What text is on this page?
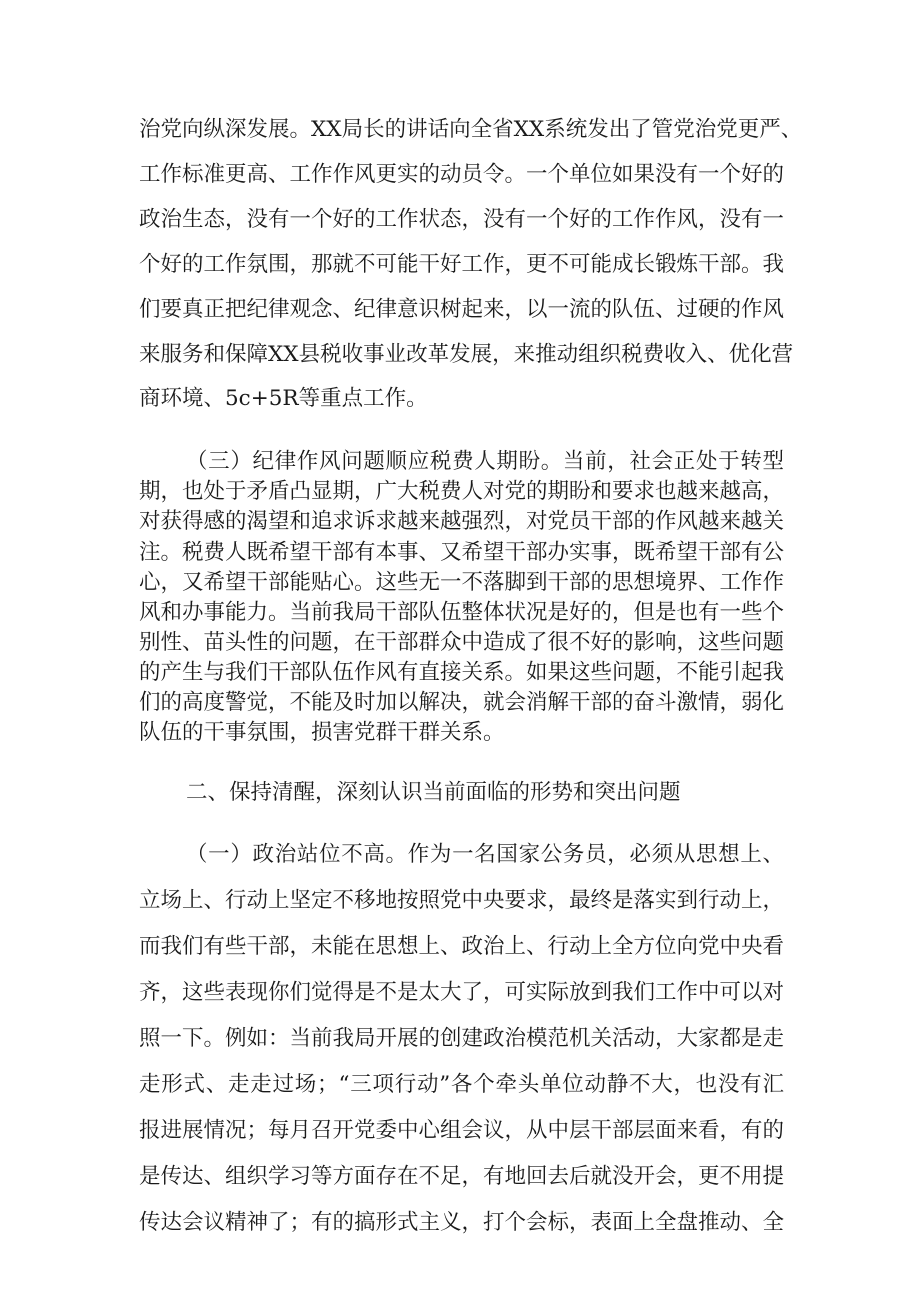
治党向纵深发展。XX局长的讲话向全省XX系统发出了管党治党更严、
工作标准更高、工作作风更实的动员令。一个单位如果没有一个好的
政治生态，没有一个好的工作状态，没有一个好的工作作风，没有一
个好的工作氛围，那就不可能干好工作，更不可能成长锻炼干部。我
们要真正把纪律观念、纪律意识树起来，以一流的队伍、过硬的作风
来服务和保障XX县税收事业改革发展，来推动组织税费收入、优化营
商环境、5c+5R等重点工作。
（三）纪律作风问题顺应税费人期盼。当前，社会正处于转型
期，也处于矛盾凸显期，广大税费人对党的期盼和要求也越来越高，
对获得感的渴望和追求诉求越来越强烈，对党员干部的作风越来越关
注。税费人既希望干部有本事、又希望干部办实事，既希望干部有公
心，又希望干部能贴心。这些无一不落脚到干部的思想境界、工作作
风和办事能力。当前我局干部队伍整体状况是好的，但是也有一些个
别性、苗头性的问题，在干部群众中造成了很不好的影响，这些问题
的产生与我们干部队伍作风有直接关系。如果这些问题，不能引起我
们的高度警觉，不能及时加以解决，就会消解干部的奋斗激情，弱化
队伍的干事氛围，损害党群干群关系。
二、保持清醒，深刻认识当前面临的形势和突出问题
（一）政治站位不高。作为一名国家公务员，必须从思想上、
立场上、行动上坚定不移地按照党中央要求，最终是落实到行动上，
而我们有些干部，未能在思想上、政治上、行动上全方位向党中央看
齐，这些表现你们觉得是不是太大了，可实际放到我们工作中可以对
照一下。例如：当前我局开展的创建政治模范机关活动，大家都是走
走形式、走走过场；“三项行动”各个牵头单位动静不大，也没有汇
报进展情况；每月召开党委中心组会议，从中层干部层面来看，有的
是传达、组织学习等方面存在不足，有地回去后就没开会，更不用提
传达会议精神了；有的搞形式主义，打个会标，表面上全盘推动、全
